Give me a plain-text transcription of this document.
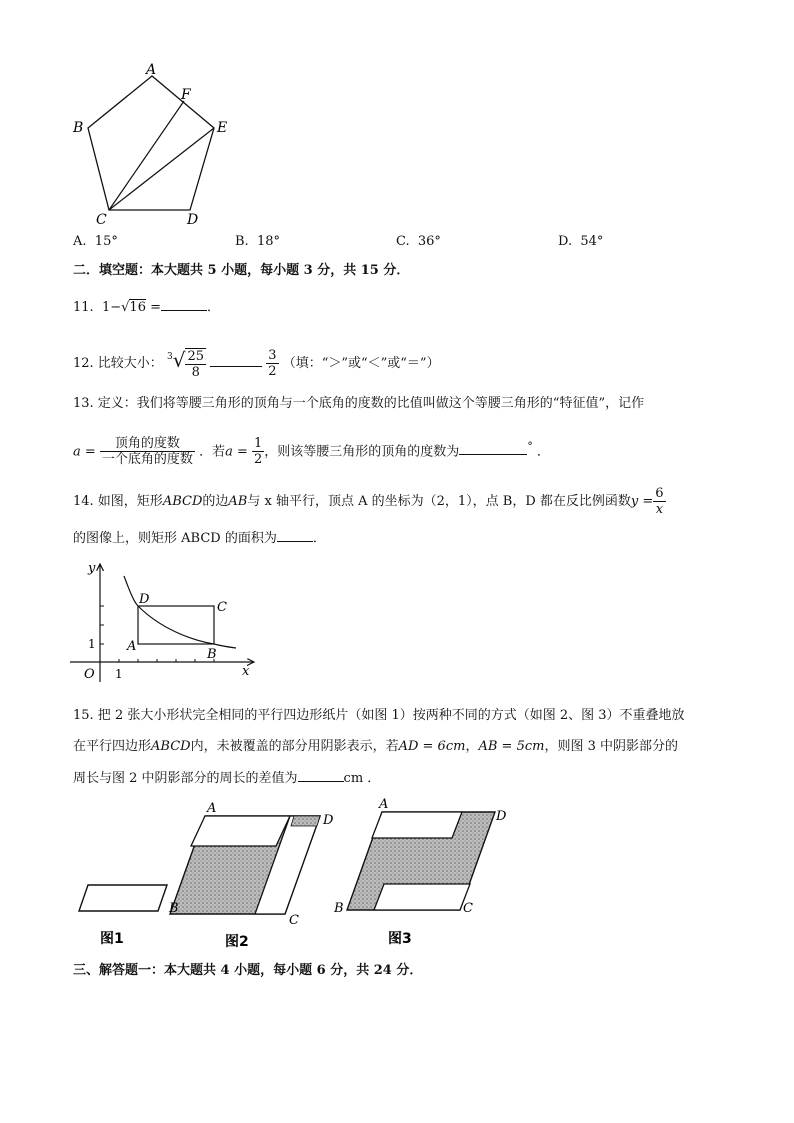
A
F
B	E
C	D
A. 15°	B. 18°	C. 36°	D. 54°
二．填空题：本大题共 5 小题，每小题 3 分，共 15 分．
11. 1−√16 =	．
12. 比较大小： $^3√ \frac{25}{8}$
	$\frac{3}{2}$ （填：“＞”或“＜”或“＝”）
13. 定义：我们将等腰三角形的顶角与一个底角的度数的比值叫做这个等腰三角形的“特征值”，记作
$a = \frac{\text{顶角的度数}}{\text{一个底角的度数}}$ ．若$a = \frac{1}{2}$ ，则该等腰三角形的顶角的度数为	° ．
14. 如图，矩形ABCD的边AB与 x 轴平行，顶点 A 的坐标为（2，1），点 B，D 都在反比例函数$y = \frac{6}{x}$
的图像上，则矩形 ABCD 的面积为	．
y
x
O 1
1 A
B
C
D
15. 把 2 张大小形状完全相同的平行四边形纸片（如图 1）按两种不同的方式（如图 2、图 3）不重叠地放
在平行四边形ABCD内，未被覆盖的部分用阴影表示，若AD = 6cm，AB = 5cm，则图 3 中阴影部分的
周长与图 2 中阴影部分的周长的差值为	cm ．
图1
A
D
B
C
图2
A
D
B	C
图3
三、解答题一：本大题共 4 小题，每小题 6 分，共 24 分．
